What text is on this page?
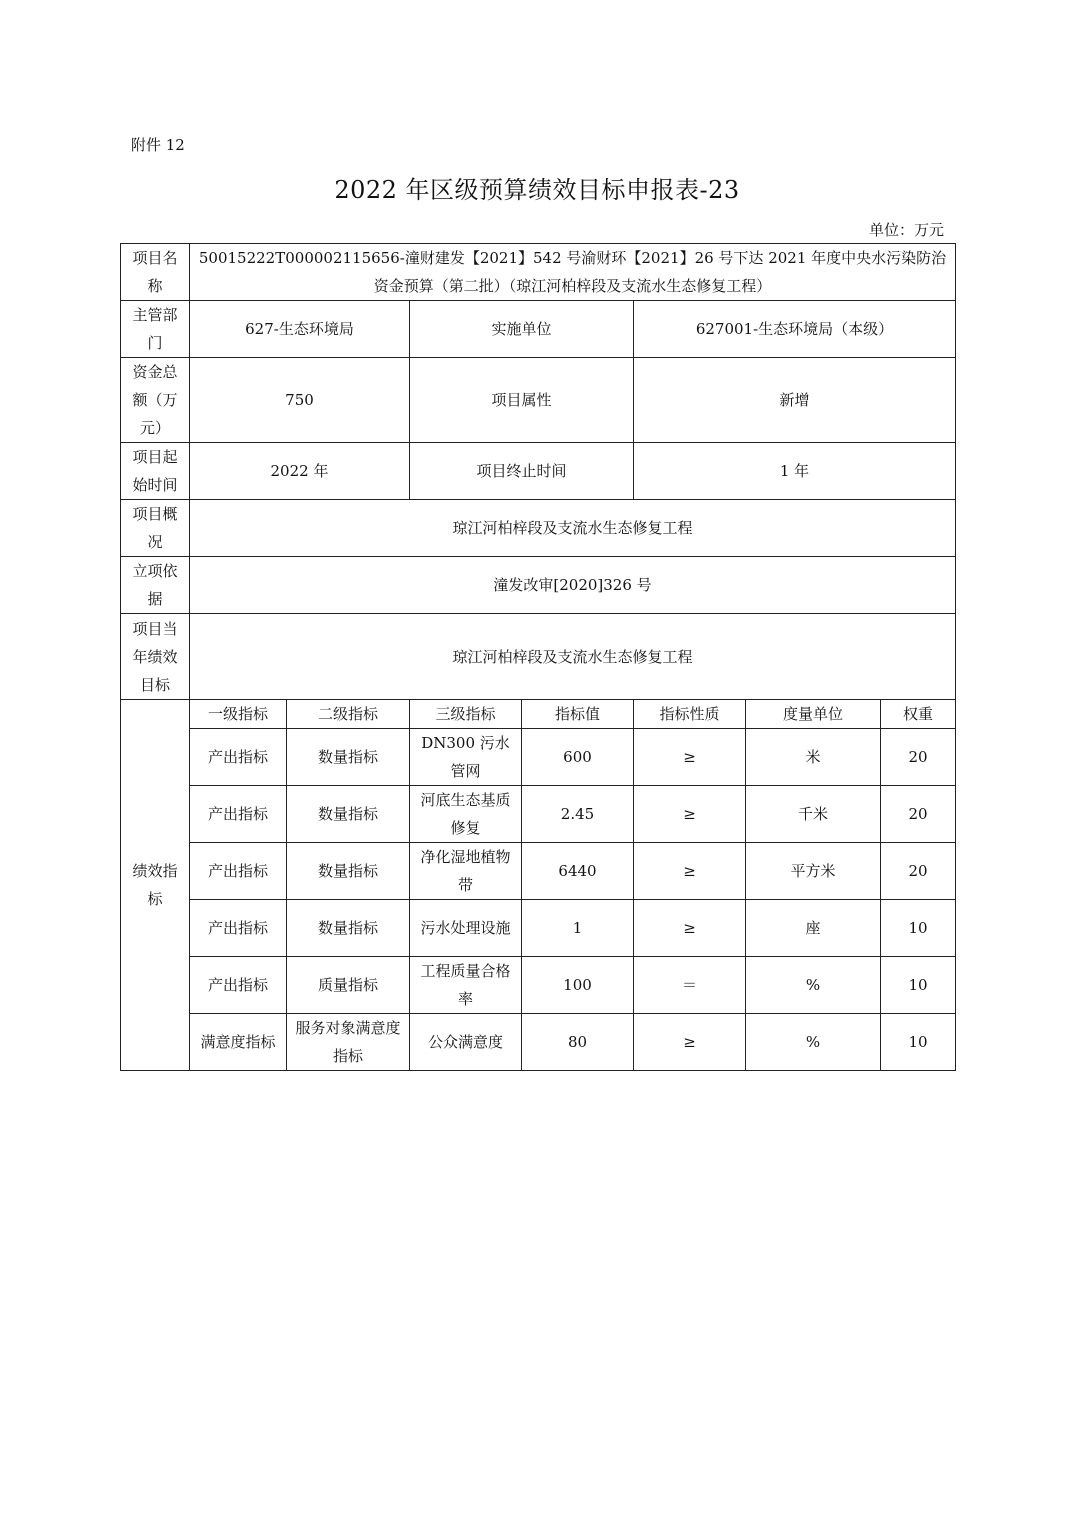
附件 12
2022 年区级预算绩效目标申报表-23
单位：万元
项目名称	50015222T000002115656-潼财建发【2021】542 号渝财环【2021】26 号下达 2021 年度中央水污染防治资金预算（第二批）（琼江河柏梓段及支流水生态修复工程）						
主管部门	627-生态环境局		实施单位		627001-生态环境局（本级）		
资金总额（万元）	750		项目属性		新增		
项目起始时间	2022 年		项目终止时间		1 年		
项目概况	琼江河柏梓段及支流水生态修复工程						
立项依据	潼发改审[2020]326 号						
项目当年绩效目标	琼江河柏梓段及支流水生态修复工程						
绩效指标	一级指标	二级指标	三级指标	指标值	指标性质	度量单位	权重
	产出指标	数量指标	DN300 污水管网	600	≥	米	20
	产出指标	数量指标	河底生态基质修复	2.45	≥	千米	20
	产出指标	数量指标	净化湿地植物带	6440	≥	平方米	20
	产出指标	数量指标	污水处理设施	1	≥	座	10
	产出指标	质量指标	工程质量合格率	100	＝	%	10
	满意度指标	服务对象满意度指标	公众满意度	80	≥	%	10
